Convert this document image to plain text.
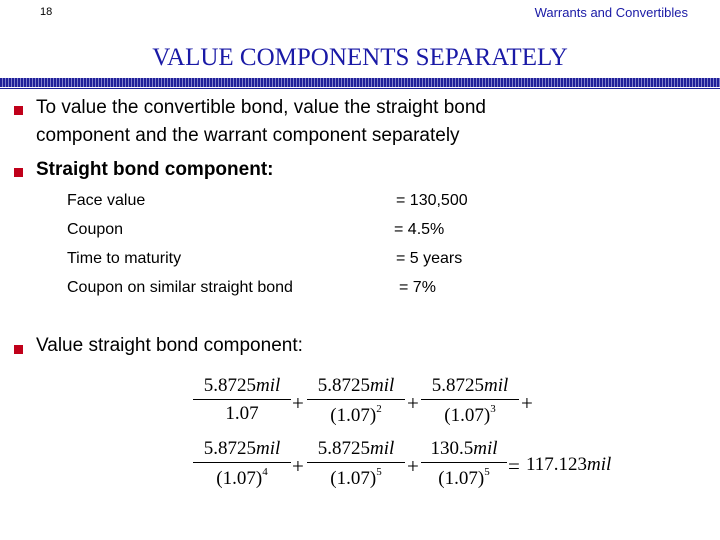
18	Warrants and Convertibles
VALUE COMPONENTS SEPARATELY
To value the convertible bond, value the straight bond
component and the warrant component separately
Straight bond component:
Face value	= 130,500
Coupon	= 4.5%
Time to maturity	= 5 years
Coupon on similar straight bond	= 7%
Value straight bond component:
5.8725mil
1.07	+
5.8725mil
$(1.07)^2$	+
5.8725mil
$(1.07)^3$	+
5.8725mil
$(1.07)^4$	+
5.8725mil
$(1.07)^5$	+
130.5mil
$(1.07)^5 = 117.123mil$
